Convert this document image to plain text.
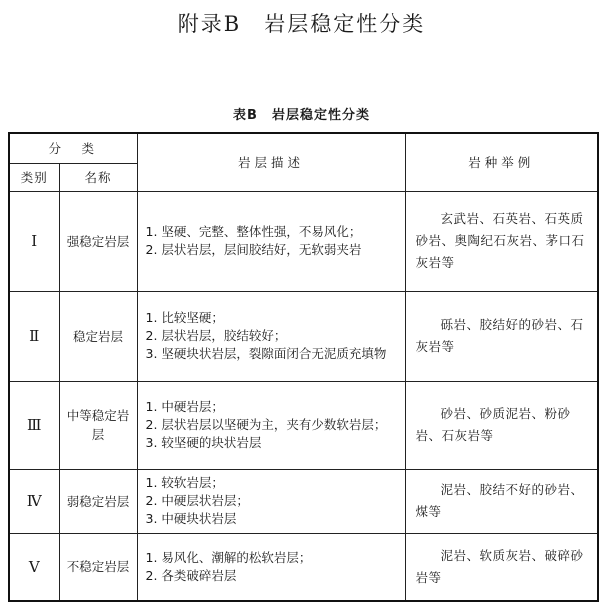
附录B　岩层稳定性分类
表B　岩层稳定性分类
分　类		岩层描述	岩种举例
类别	名称		
Ⅰ	强稳定岩层	1. 坚硬、完整、整体性强，不易风化；
2. 层状岩层，层间胶结好，无软弱夹岩	玄武岩、石英岩、石英质砂岩、奥陶纪石灰岩、茅口石灰岩等
Ⅱ	稳定岩层	1. 比较坚硬；
2. 层状岩层，胶结较好；
3. 坚硬块状岩层，裂隙面闭合无泥质充填物	砾岩、胶结好的砂岩、石灰岩等
Ⅲ	中等稳定岩层	1. 中硬岩层；
2. 层状岩层以坚硬为主，夹有少数软岩层；
3. 较坚硬的块状岩层	砂岩、砂质泥岩、粉砂岩、石灰岩等
Ⅳ	弱稳定岩层	1. 较软岩层；
2. 中硬层状岩层；
3. 中硬块状岩层	泥岩、胶结不好的砂岩、煤等
Ⅴ	不稳定岩层	1. 易风化、潮解的松软岩层；
2. 各类破碎岩层	泥岩、软质灰岩、破碎砂岩等
